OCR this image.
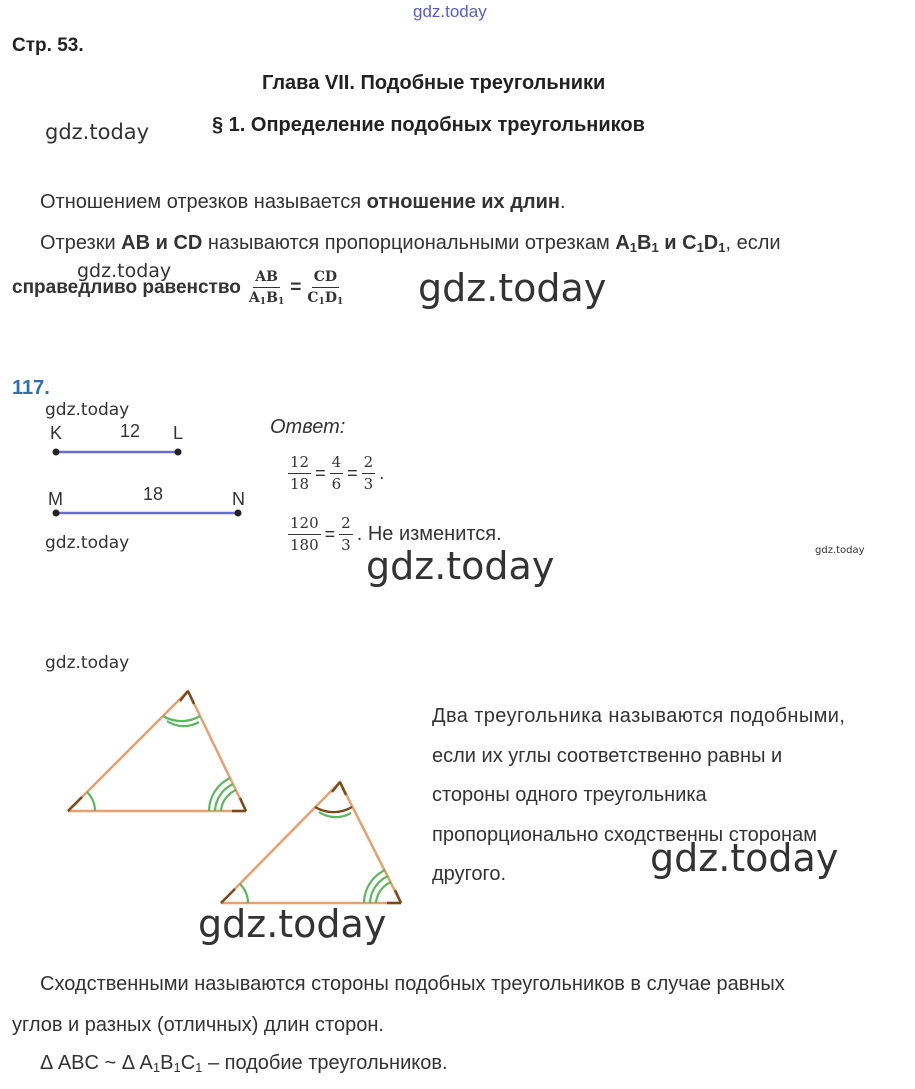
gdz.today
Стр. 53.
Глава VII. Подобные треугольники
§ 1. Определение подобных треугольников
gdz.today
Отношением отрезков называется отношение их длин.
Отрезки AB и CD называются пропорциональными отрезкам $A_1B_1$ и $C_1D_1$, если
gdz.today
справедливо равенство $\frac{AB}{A_1B_1} = \frac{CD}{C_1D_1}$ gdz.today
117.
gdz.today
K	12 L
M	18	N
gdz.today
Ответ:
$\frac{12}{18} = \frac{4}{6} = \frac{2}{3}$ .
$\frac{120}{180} = \frac{2}{3}$ . Не изменится.
gdz.today	gdz.today
gdz.today
Два треугольника называются подобными,
если их углы соответственно равны и
стороны одного треугольника
пропорционально сходственны сторонам
другого.	gdz.today
gdz.today
Сходственными называются стороны подобных треугольников в случае равных
углов и разных (отличных) длин сторон.
Δ ABC ~ Δ $A_1B_1C_1$ – подобие треугольников.
